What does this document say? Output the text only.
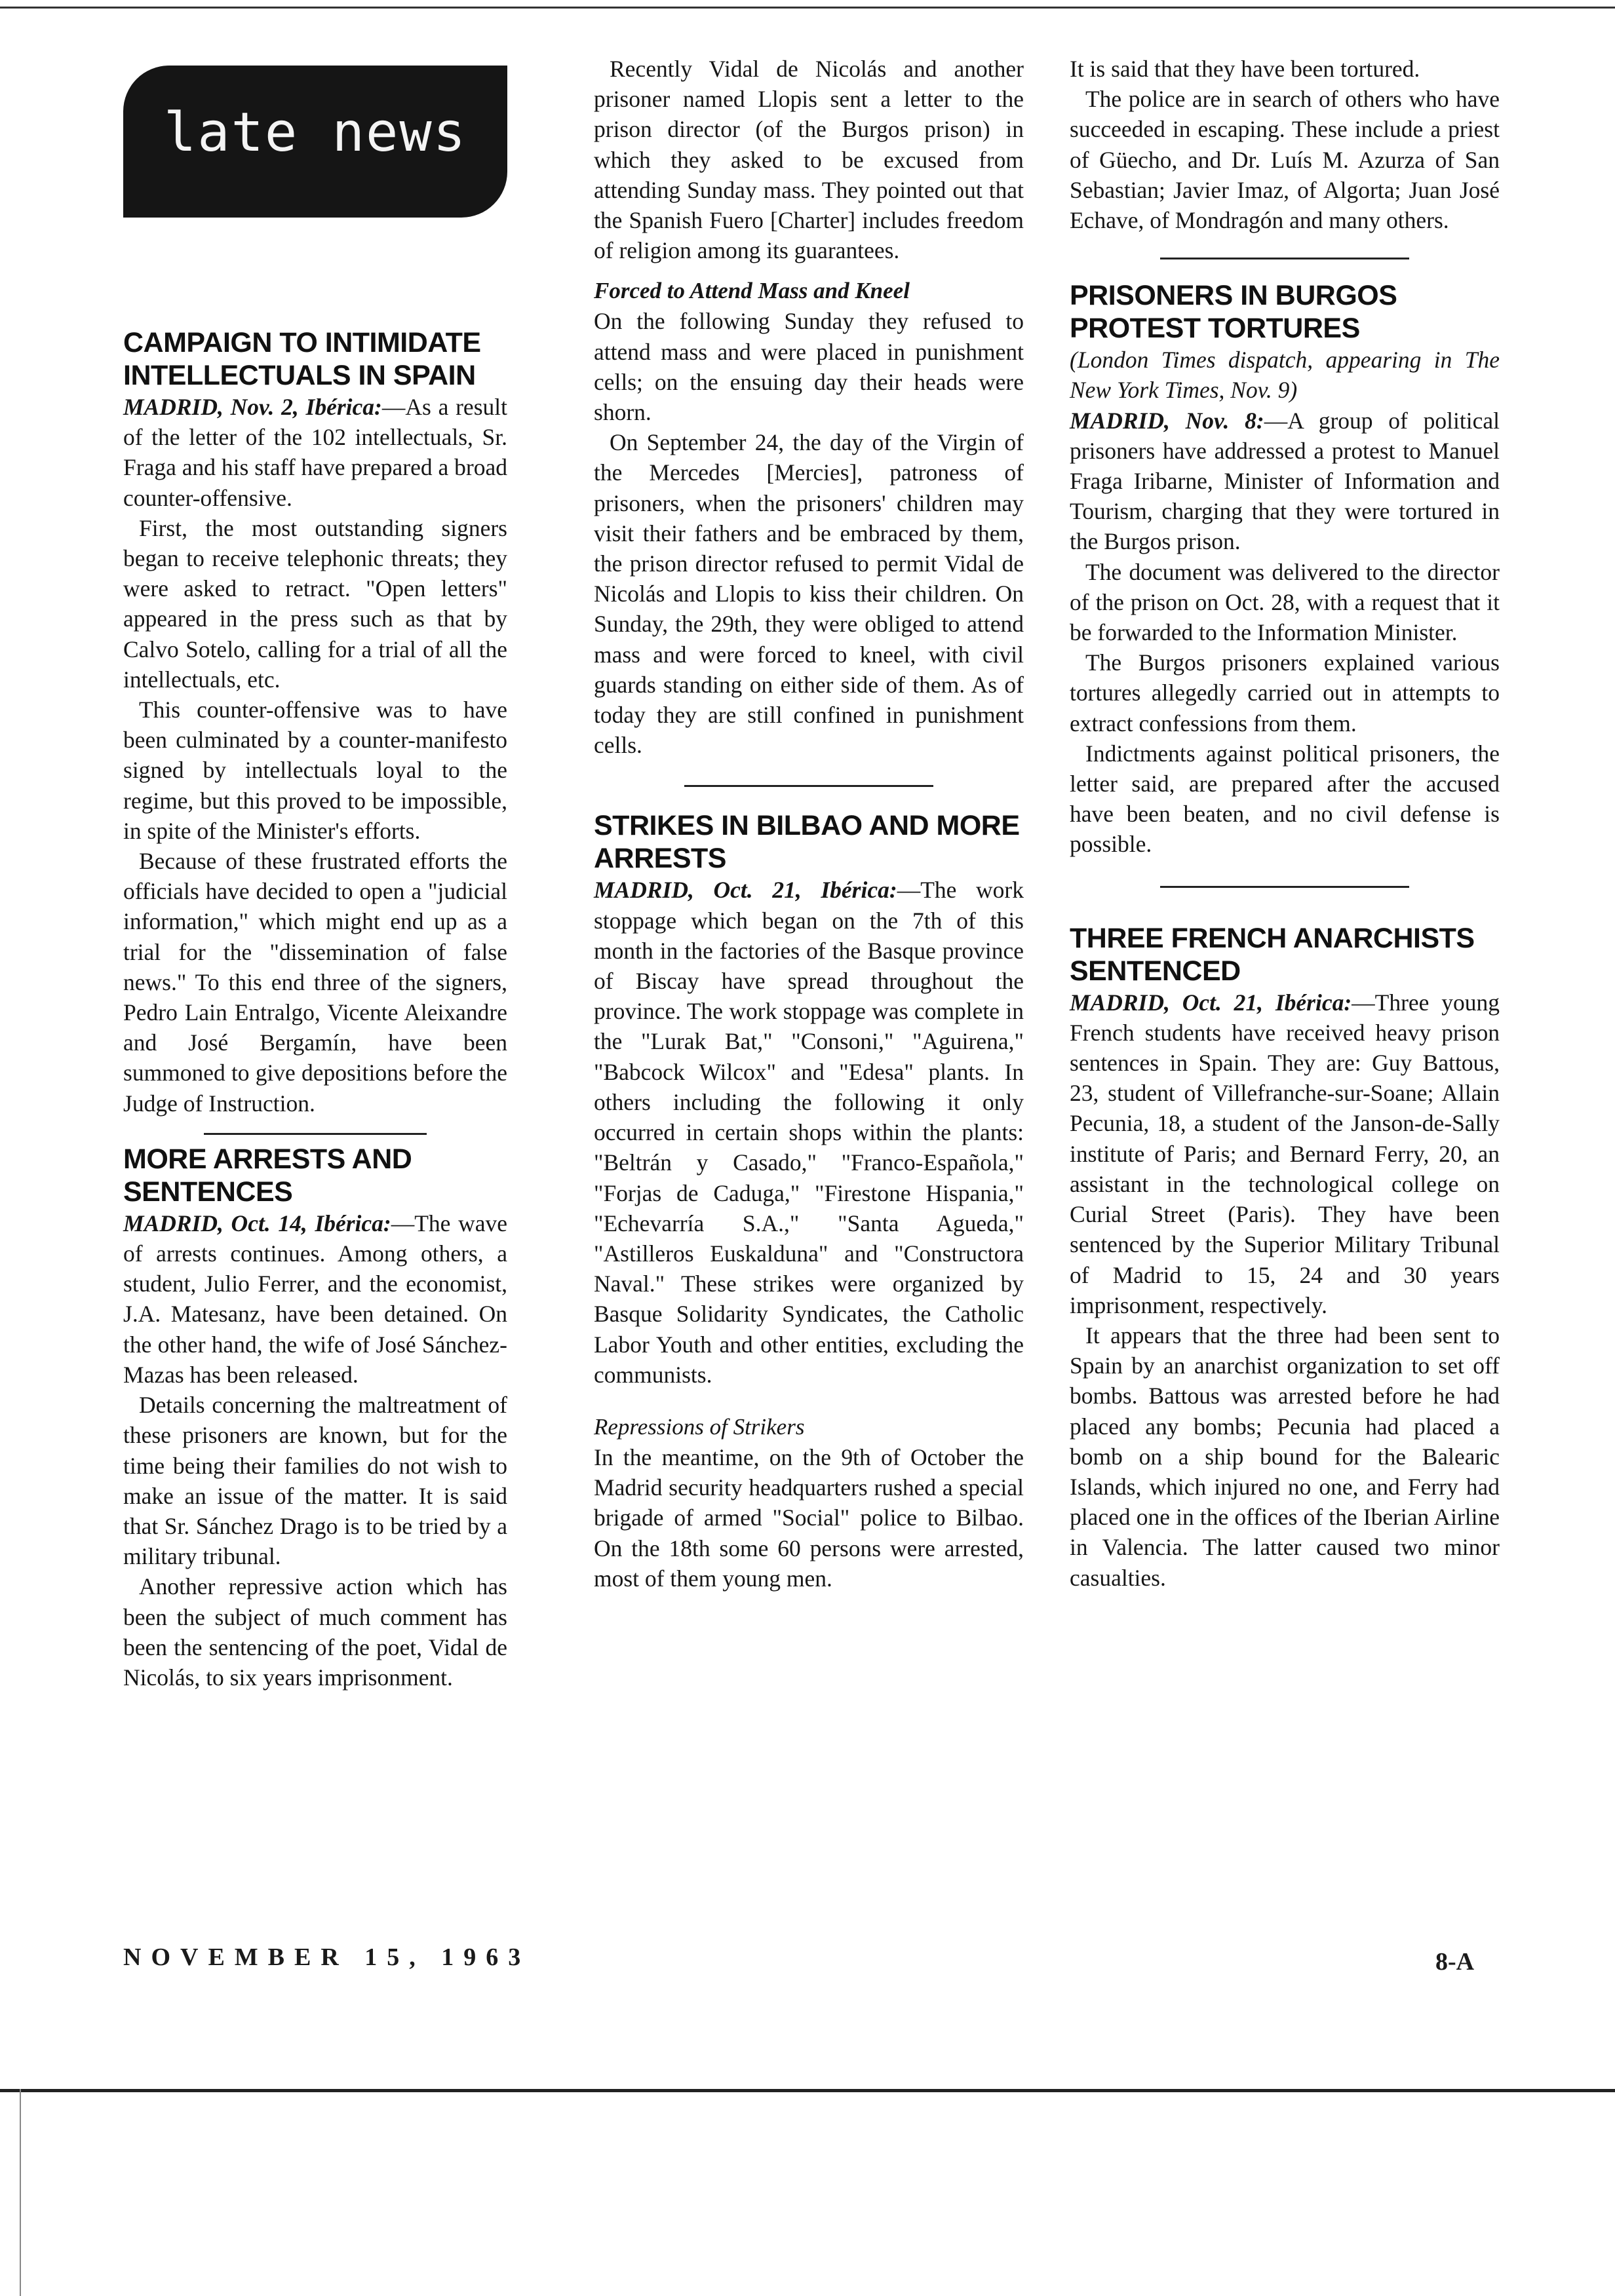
late news
CAMPAIGN TO INTIMIDATE INTELLECTUALS IN SPAIN

MADRID, Nov. 2, Ibérica:—As a result of the letter of the 102 intellectuals, Sr. Fraga and his staff have prepared a broad counter-offensive.

First, the most outstanding signers began to receive telephonic threats; they were asked to retract. "Open letters" appeared in the press such as that by Calvo Sotelo, calling for a trial of all the intellectuals, etc.

This counter-offensive was to have been culminated by a counter-manifesto signed by intellectuals loyal to the regime, but this proved to be impossible, in spite of the Minister's efforts.

Because of these frustrated efforts the officials have decided to open a "judicial information," which might end up as a trial for the "dissemination of false news." To this end three of the signers, Pedro Lain Entralgo, Vicente Aleixandre and José Bergamín, have been summoned to give depositions before the Judge of Instruction.

MORE ARRESTS AND SENTENCES

MADRID, Oct. 14, Ibérica:—The wave of arrests continues. Among others, a student, Julio Ferrer, and the economist, J.A. Matesanz, have been detained. On the other hand, the wife of José Sánchez-Mazas has been released.

Details concerning the maltreatment of these prisoners are known, but for the time being their families do not wish to make an issue of the matter. It is said that Sr. Sánchez Drago is to be tried by a military tribunal.

Another repressive action which has been the subject of much comment has been the sentencing of the poet, Vidal de Nicolás, to six years imprisonment.

Recently Vidal de Nicolás and another prisoner named Llopis sent a letter to the prison director (of the Burgos prison) in which they asked to be excused from attending Sunday mass. They pointed out that the Spanish Fuero [Charter] includes freedom of religion among its guarantees.

Forced to Attend Mass and Kneel

On the following Sunday they refused to attend mass and were placed in punishment cells; on the ensuing day their heads were shorn.

On September 24, the day of the Virgin of the Mercedes [Mercies], patroness of prisoners, when the prisoners' children may visit their fathers and be embraced by them, the prison director refused to permit Vidal de Nicolás and Llopis to kiss their children. On Sunday, the 29th, they were obliged to attend mass and were forced to kneel, with civil guards standing on either side of them. As of today they are still confined in punishment cells.

STRIKES IN BILBAO AND MORE ARRESTS

MADRID, Oct. 21, Ibérica:—The work stoppage which began on the 7th of this month in the factories of the Basque province of Biscay have spread throughout the province. The work stoppage was complete in the "Lurak Bat," "Consoni," "Aguirena," "Babcock Wilcox" and "Edesa" plants. In others including the following it only occurred in certain shops within the plants: "Beltrán y Casado," "Franco-Española," "Forjas de Caduga," "Firestone Hispania," "Echevarría S.A.," "Santa Agueda," "Astilleros Euskalduna" and "Constructora Naval." These strikes were organized by Basque Solidarity Syndicates, the Catholic Labor Youth and other entities, excluding the communists.

Repressions of Strikers

In the meantime, on the 9th of October the Madrid security headquarters rushed a special brigade of armed "Social" police to Bilbao. On the 18th some 60 persons were arrested, most of them young men.

It is said that they have been tortured.

The police are in search of others who have succeeded in escaping. These include a priest of Güecho, and Dr. Luís M. Azurza of San Sebastian; Javier Imaz, of Algorta; Juan José Echave, of Mondragón and many others.

PRISONERS IN BURGOS PROTEST TORTURES

(London Times dispatch, appearing in The New York Times, Nov. 9)

MADRID, Nov. 8:—A group of political prisoners have addressed a protest to Manuel Fraga Iribarne, Minister of Information and Tourism, charging that they were tortured in the Burgos prison.

The document was delivered to the director of the prison on Oct. 28, with a request that it be forwarded to the Information Minister.

The Burgos prisoners explained various tortures allegedly carried out in attempts to extract confessions from them.

Indictments against political prisoners, the letter said, are prepared after the accused have been beaten, and no civil defense is possible.

THREE FRENCH ANARCHISTS SENTENCED

MADRID, Oct. 21, Ibérica:—Three young French students have received heavy prison sentences in Spain. They are: Guy Battous, 23, student of Villefranche-sur-Soane; Allain Pecunia, 18, a student of the Janson-de-Sally institute of Paris; and Bernard Ferry, 20, an assistant in the technological college on Curial Street (Paris). They have been sentenced by the Superior Military Tribunal of Madrid to 15, 24 and 30 years imprisonment, respectively.

It appears that the three had been sent to Spain by an anarchist organization to set off bombs. Battous was arrested before he had placed any bombs; Pecunia had placed a bomb on a ship bound for the Balearic Islands, which injured no one, and Ferry had placed one in the offices of the Iberian Airline in Valencia. The latter caused two minor casualties.

NOVEMBER 15, 1963	8-A
